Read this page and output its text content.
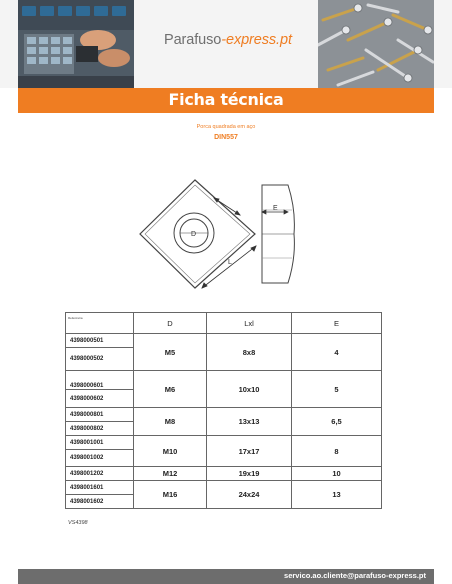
Parafuso-express.pt
Ficha técnica
Porca quadrada em aço
DIN557
D
L
E
Referência	D	Lxl	E
4398000501	M5	8x8	4
4398000502			
4398000601	M6	10x10	5
4398000602			
4398000801	M8	13x13	6,5
4398000802			
4398001001	M10	17x17	8
4398001002			
4398001202	M12	19x19	10
4398001601	M16	24x24	13
4398001602			
VS4398
servico.ao.cliente@parafuso-express.pt
